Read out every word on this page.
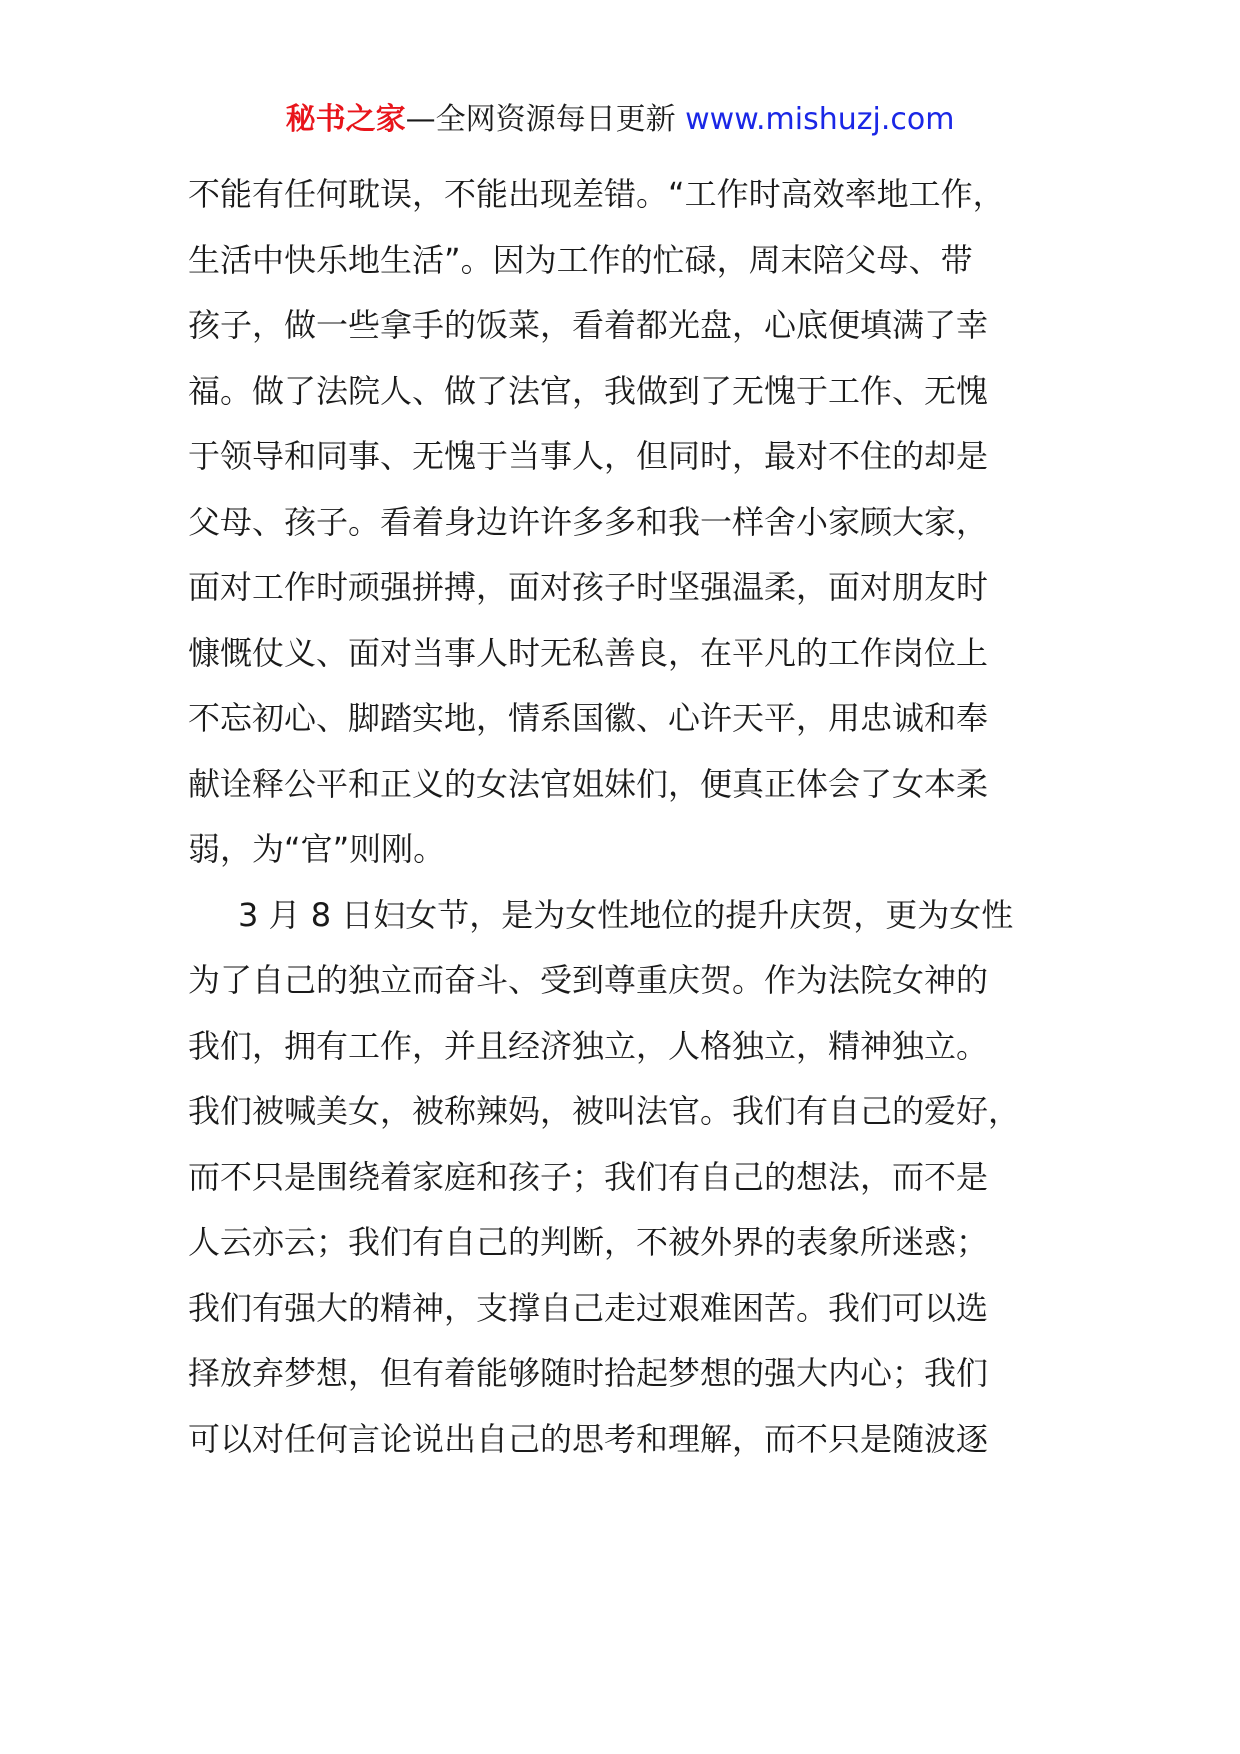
秘书之家—全网资源每日更新 www.mishuzj.com
不能有任何耽误，不能出现差错。“工作时高效率地工作，
生活中快乐地生活”。因为工作的忙碌，周末陪父母、带
孩子，做一些拿手的饭菜，看着都光盘，心底便填满了幸
福。做了法院人、做了法官，我做到了无愧于工作、无愧
于领导和同事、无愧于当事人，但同时，最对不住的却是
父母、孩子。看着身边许许多多和我一样舍小家顾大家，
面对工作时顽强拼搏，面对孩子时坚强温柔，面对朋友时
慷慨仗义、面对当事人时无私善良，在平凡的工作岗位上
不忘初心、脚踏实地，情系国徽、心许天平，用忠诚和奉
献诠释公平和正义的女法官姐妹们，便真正体会了女本柔
弱，为“官”则刚。
3 月 8 日妇女节，是为女性地位的提升庆贺，更为女性
为了自己的独立而奋斗、受到尊重庆贺。作为法院女神的
我们，拥有工作，并且经济独立，人格独立，精神独立。
我们被喊美女，被称辣妈，被叫法官。我们有自己的爱好，
而不只是围绕着家庭和孩子；我们有自己的想法，而不是
人云亦云；我们有自己的判断，不被外界的表象所迷惑；
我们有强大的精神，支撑自己走过艰难困苦。我们可以选
择放弃梦想，但有着能够随时拾起梦想的强大内心；我们
可以对任何言论说出自己的思考和理解，而不只是随波逐
